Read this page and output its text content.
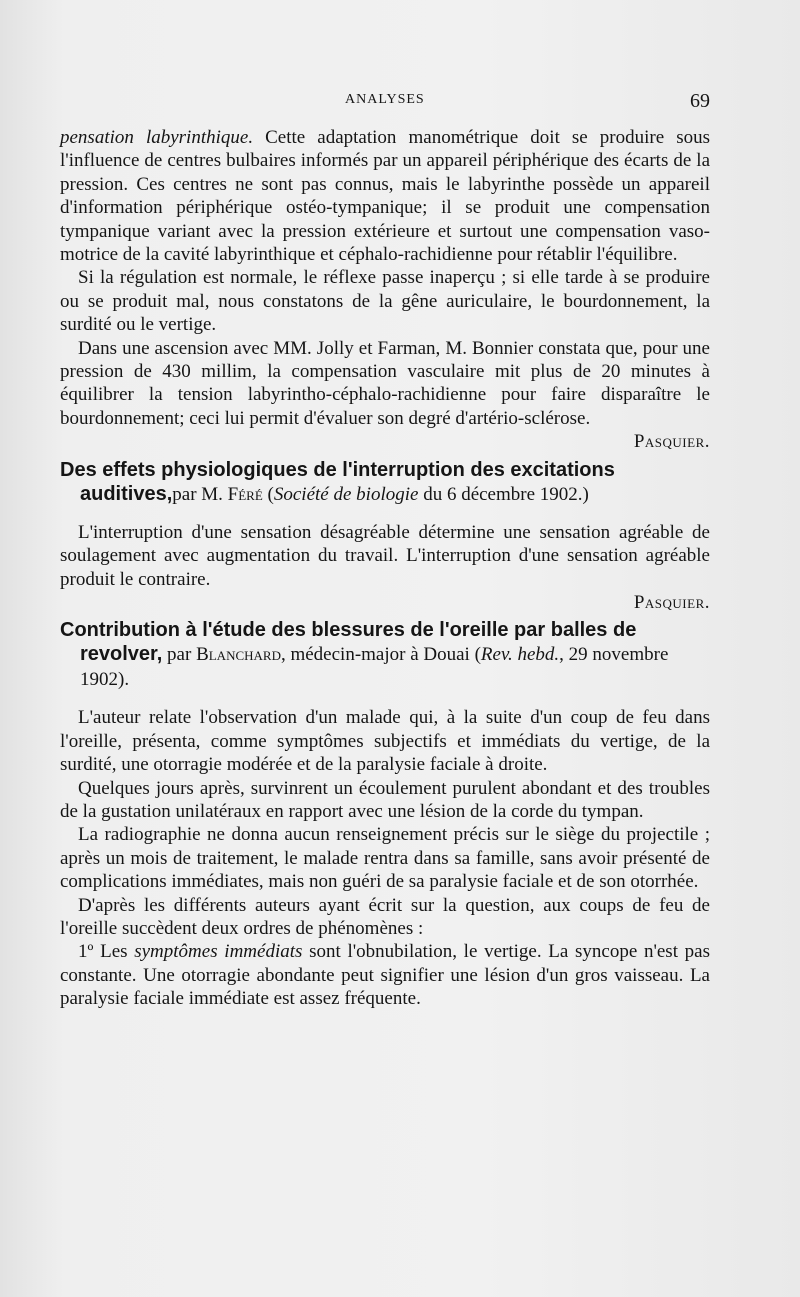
ANALYSES	69

pensation labyrinthique. Cette adaptation manométrique doit se produire sous l'influence de centres bulbaires informés par un appareil périphérique des écarts de la pression. Ces centres ne sont pas connus, mais le labyrinthe possède un appareil d'information périphérique ostéo-tympanique; il se produit une compensation tympanique variant avec la pression extérieure et surtout une compensation vaso-motrice de la cavité labyrinthique et céphalo-rachidienne pour rétablir l'équilibre.

Si la régulation est normale, le réflexe passe inaperçu ; si elle tarde à se produire ou se produit mal, nous constatons de la gêne auriculaire, le bourdonnement, la surdité ou le vertige.

Dans une ascension avec MM. Jolly et Farman, M. Bonnier constata que, pour une pression de 430 millim, la compensation vasculaire mit plus de 20 minutes à équilibrer la tension labyrintho-céphalo-rachidienne pour faire disparaître le bourdonnement; ceci lui permit d'évaluer son degré d'artério-sclérose.

Pasquier.

Des effets physiologiques de l'interruption des excitations
auditives,par M. Féré (Société de biologie du 6 décembre 1902.)

L'interruption d'une sensation désagréable détermine une sensation agréable de soulagement avec augmentation du travail. L'interruption d'une sensation agréable produit le contraire.

Pasquier.

Contribution à l'étude des blessures de l'oreille par balles de
revolver, par Blanchard, médecin-major à Douai (Rev. hebd., 29 novembre 1902).

L'auteur relate l'observation d'un malade qui, à la suite d'un coup de feu dans l'oreille, présenta, comme symptômes subjectifs et immédiats du vertige, de la surdité, une otorragie modérée et de la paralysie faciale à droite.

Quelques jours après, survinrent un écoulement purulent abondant et des troubles de la gustation unilatéraux en rapport avec une lésion de la corde du tympan.

La radiographie ne donna aucun renseignement précis sur le siège du projectile ; après un mois de traitement, le malade rentra dans sa famille, sans avoir présenté de complications immédiates, mais non guéri de sa paralysie faciale et de son otorrhée.

D'après les différents auteurs ayant écrit sur la question, aux coups de feu de l'oreille succèdent deux ordres de phénomènes :

1º Les symptômes immédiats sont l'obnubilation, le vertige. La syncope n'est pas constante. Une otorragie abondante peut signifier une lésion d'un gros vaisseau. La paralysie faciale immédiate est assez fréquente.
